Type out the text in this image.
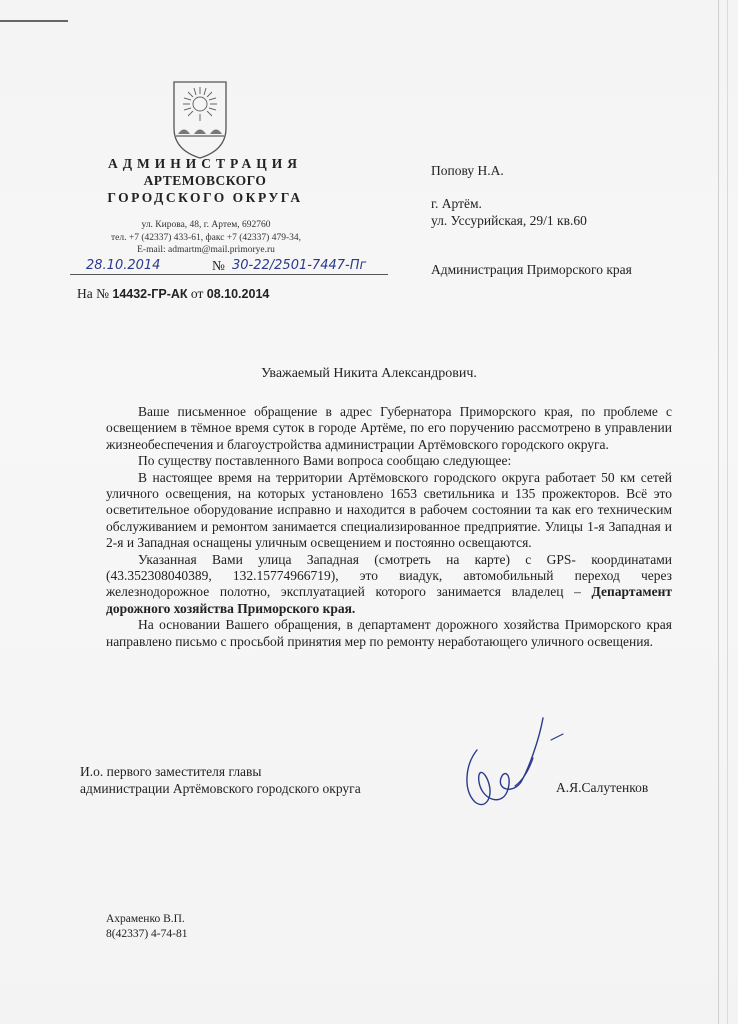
АДМИНИСТРАЦИЯ
АРТЕМОВСКОГО
ГОРОДСКОГО ОКРУГА
ул. Кирова, 48, г. Артем, 692760
тел. +7 (42337) 433-61, факс +7 (42337) 479-34,
E-mail: admartm@mail.primorye.ru
28.10.2014	№ 30-22/2501-7447-Пг
На № 14432-ГР-АК от 08.10.2014
Попову Н.А.
г. Артём.
ул. Уссурийская, 29/1 кв.60
Администрация Приморского края
Уважаемый Никита Александрович.

Ваше письменное обращение в адрес Губернатора Приморского края, по проблеме с освещением в тёмное время суток в городе Артёме, по его поручению рассмотрено в управлении жизнеобеспечения и благоустройства администрации Артёмовского городского округа.

По существу поставленного Вами вопроса сообщаю следующее:

В настоящее время на территории Артёмовского городского округа работает 50 км сетей уличного освещения, на которых установлено 1653 светильника и 135 прожекторов. Всё это осветительное оборудование исправно и находится в рабочем состоянии та как его техническим обслуживанием и ремонтом занимается специализированное предприятие. Улицы 1-я Западная и 2-я и Западная оснащены уличным освещением и постоянно освещаются.

Указанная Вами улица Западная (смотреть на карте) с GPS- координатами (43.352308040389, 132.15774966719), это виадук, автомобильный переход через железнодорожное полотно, эксплуатацией которого занимается владелец – Департамент дорожного хозяйства Приморского края.

На основании Вашего обращения, в департамент дорожного хозяйства Приморского края направлено письмо с просьбой принятия мер по ремонту неработающего уличного освещения.

И.о. первого заместителя главы
администрации Артёмовского городского округа	А.Я.Салутенков
Ахраменко В.П.
8(42337) 4-74-81
